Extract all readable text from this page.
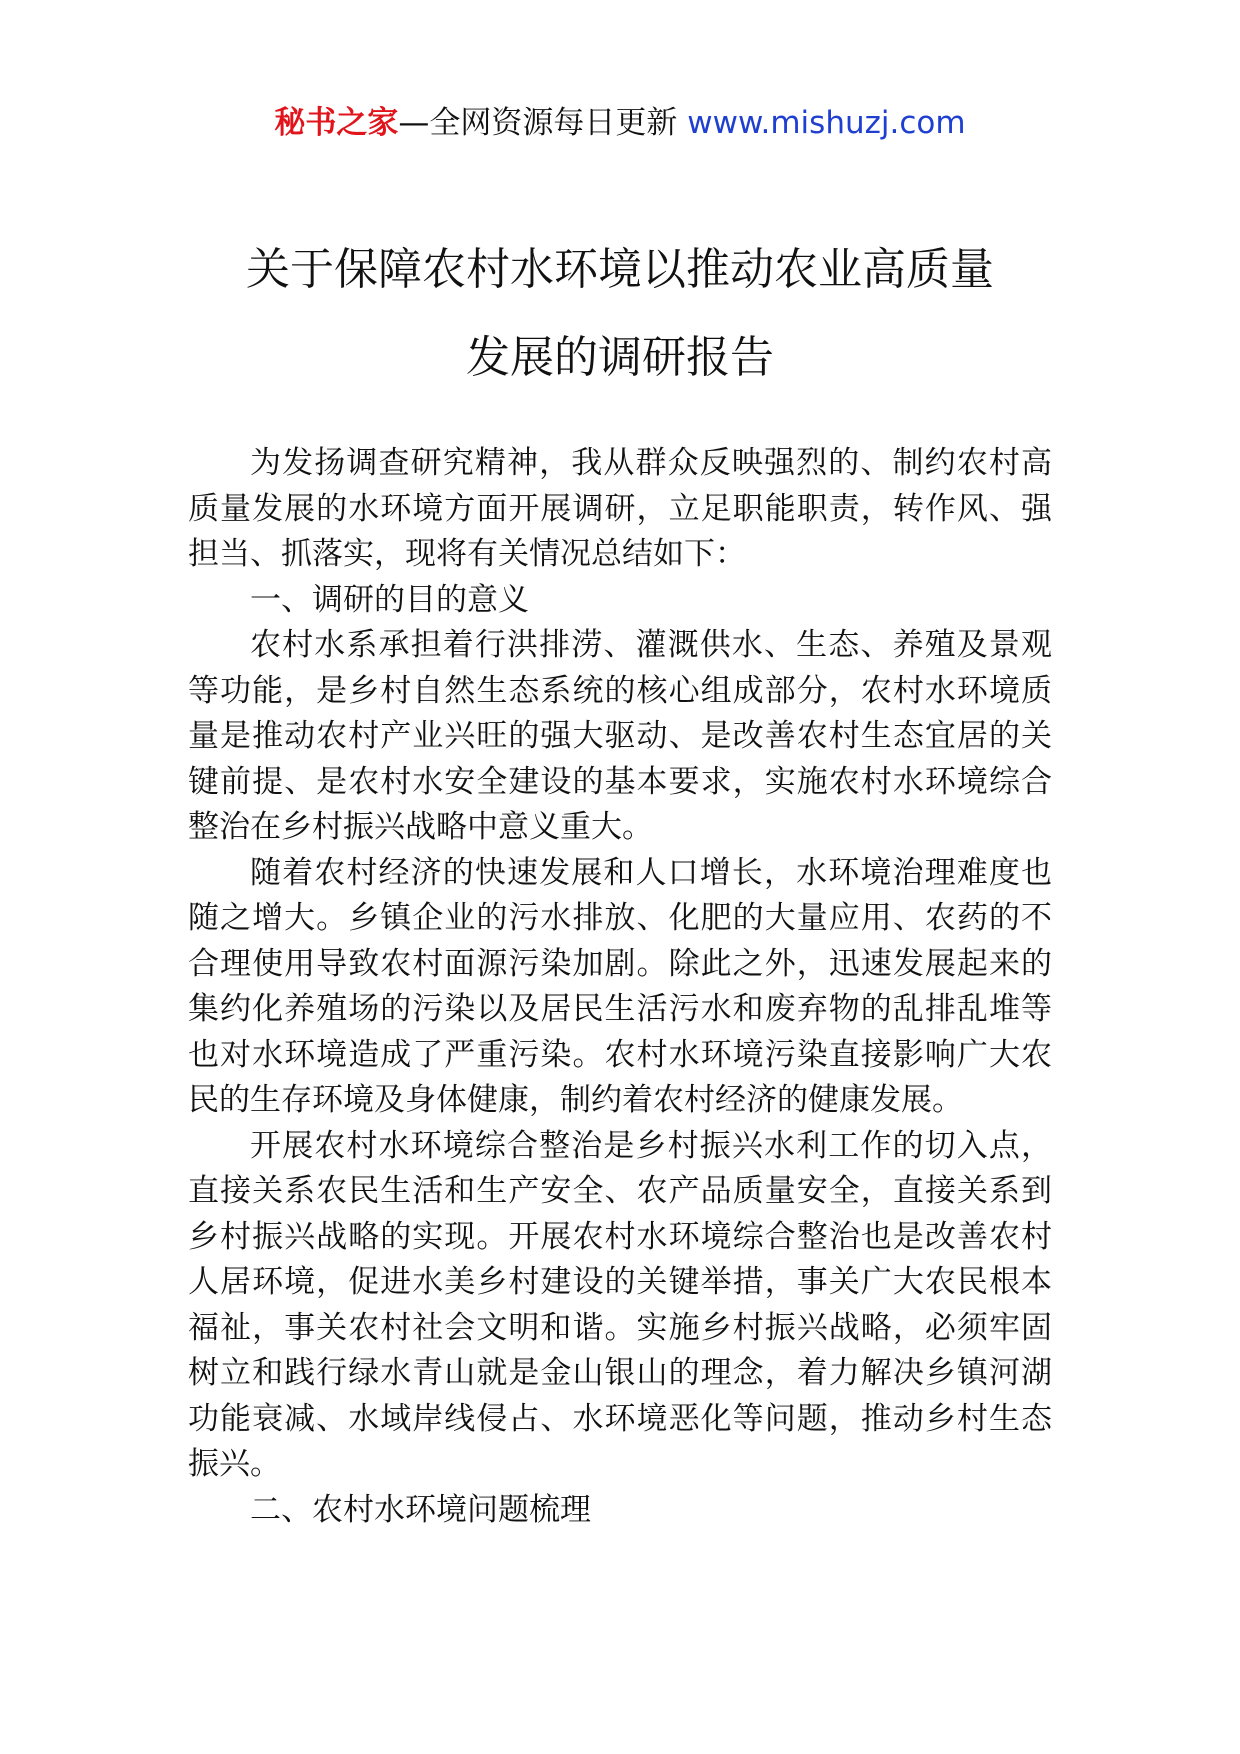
秘书之家—全网资源每日更新 www.mishuzj.com
关于保障农村水环境以推动农业高质量
发展的调研报告

为发扬调查研究精神，我从群众反映强烈的、制约农村高质量发展的水环境方面开展调研，立足职能职责，转作风、强担当、抓落实，现将有关情况总结如下：

一、调研的目的意义

农村水系承担着行洪排涝、灌溉供水、生态、养殖及景观等功能，是乡村自然生态系统的核心组成部分，农村水环境质量是推动农村产业兴旺的强大驱动、是改善农村生态宜居的关键前提、是农村水安全建设的基本要求，实施农村水环境综合整治在乡村振兴战略中意义重大。

随着农村经济的快速发展和人口增长，水环境治理难度也随之增大。乡镇企业的污水排放、化肥的大量应用、农药的不合理使用导致农村面源污染加剧。除此之外，迅速发展起来的集约化养殖场的污染以及居民生活污水和废弃物的乱排乱堆等也对水环境造成了严重污染。农村水环境污染直接影响广大农民的生存环境及身体健康，制约着农村经济的健康发展。

开展农村水环境综合整治是乡村振兴水利工作的切入点，直接关系农民生活和生产安全、农产品质量安全，直接关系到乡村振兴战略的实现。开展农村水环境综合整治也是改善农村人居环境，促进水美乡村建设的关键举措，事关广大农民根本福祉，事关农村社会文明和谐。实施乡村振兴战略，必须牢固树立和践行绿水青山就是金山银山的理念，着力解决乡镇河湖功能衰减、水域岸线侵占、水环境恶化等问题，推动乡村生态振兴。

二、农村水环境问题梳理
